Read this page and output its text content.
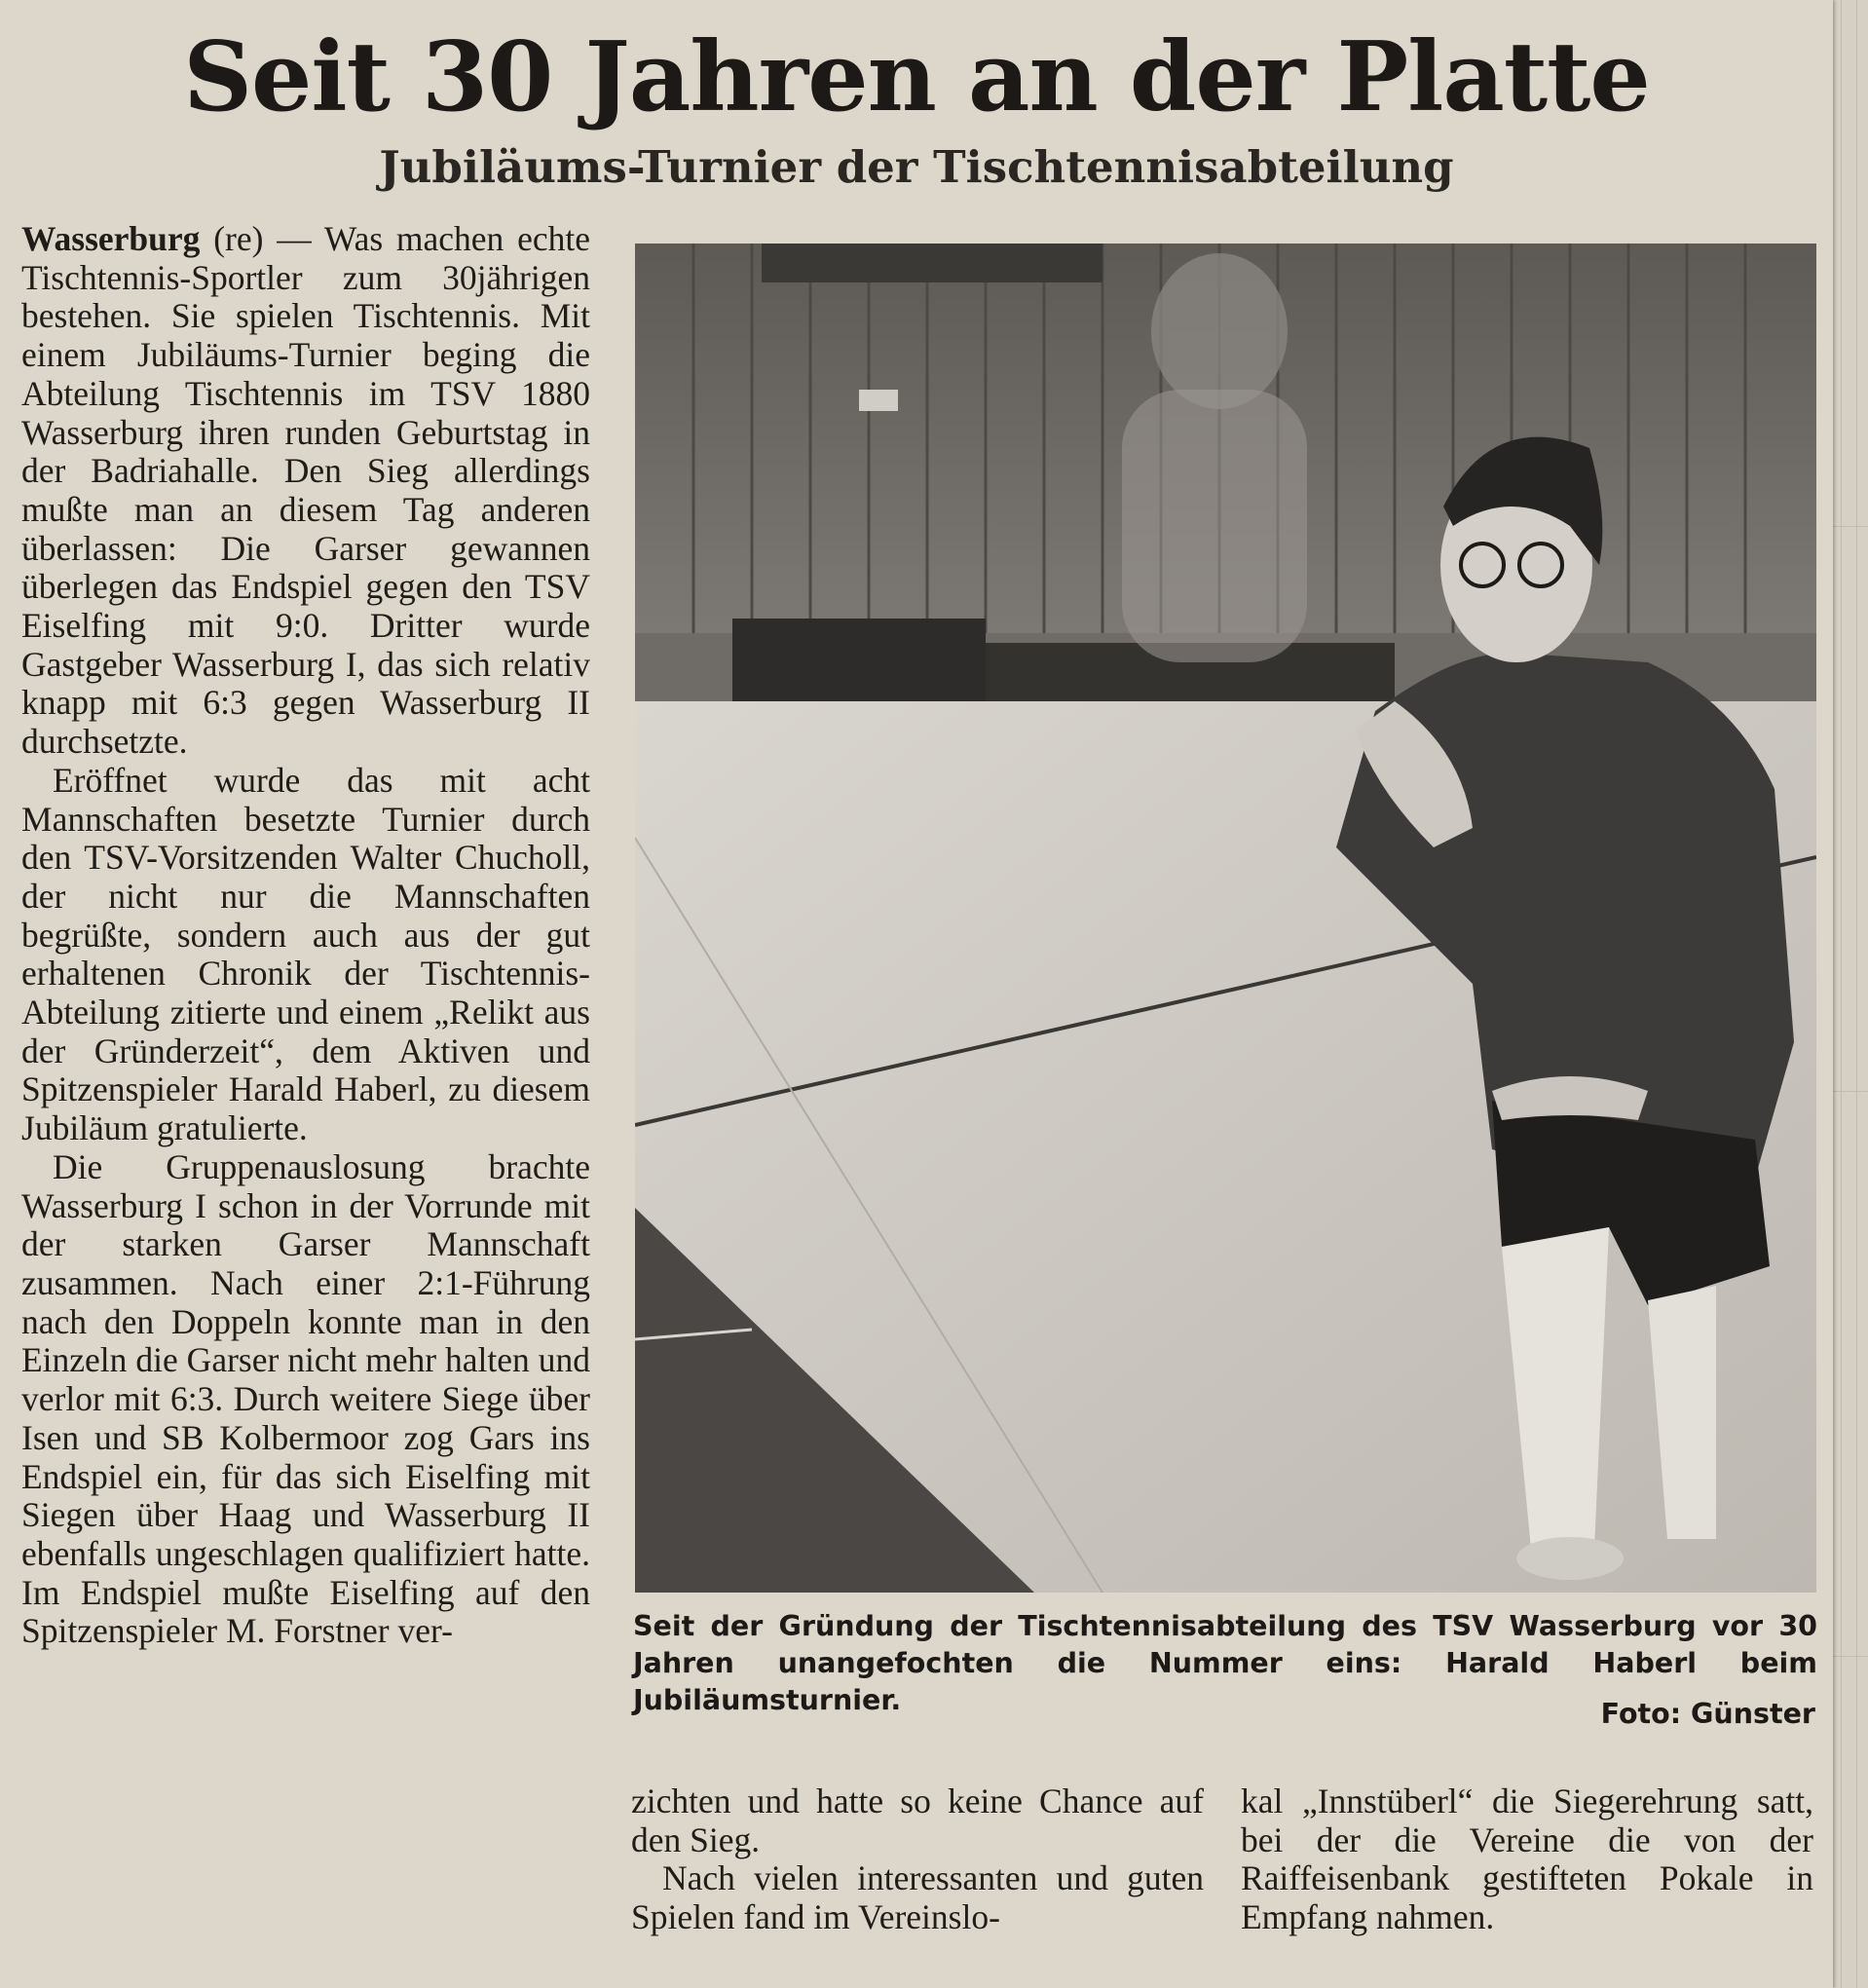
Seit 30 Jahren an der Platte
Jubiläums-Turnier der Tischtennisabteilung

Wasserburg (re) — Was machen echte Tischtennis-Sportler zum 30jährigen bestehen. Sie spielen Tischtennis. Mit einem Jubiläums-Turnier beging die Abteilung Tischtennis im TSV 1880 Wasserburg ihren runden Geburtstag in der Badriahalle. Den Sieg allerdings mußte man an diesem Tag anderen überlassen: Die Garser gewannen überlegen das Endspiel gegen den TSV Eiselfing mit 9:0. Dritter wurde Gastgeber Wasserburg I, das sich relativ knapp mit 6:3 gegen Wasserburg II durchsetzte.

Eröffnet wurde das mit acht Mannschaften besetzte Turnier durch den TSV-Vorsitzenden Walter Chucholl, der nicht nur die Mannschaften begrüßte, sondern auch aus der gut erhaltenen Chronik der Tischtennis-Abteilung zitierte und einem „Relikt aus der Gründerzeit“, dem Aktiven und Spitzenspieler Harald Haberl, zu diesem Jubiläum gratulierte.

Die Gruppenauslosung brachte Wasserburg I schon in der Vorrunde mit der starken Garser Mannschaft zusammen. Nach einer 2:1-Führung nach den Doppeln konnte man in den Einzeln die Garser nicht mehr halten und verlor mit 6:3. Durch weitere Siege über Isen und SB Kolbermoor zog Gars ins Endspiel ein, für das sich Eiselfing mit Siegen über Haag und Wasserburg II ebenfalls ungeschlagen qualifiziert hatte. Im Endspiel mußte Eiselfing auf den Spitzenspieler M. Forstner ver-	Seit der Gründung der Tischtennisabteilung des TSV Wasserburg vor 30 Jahren unangefochten die Nummer eins: Harald Haberl beim Jubiläumsturnier.	Foto: Günster

zichten und hatte so keine Chance auf den Sieg.

Nach vielen interessanten und guten Spielen fand im Vereinslo-

kal „Innstüberl“ die Siegerehrung satt, bei der die Vereine die von der Raiffeisenbank gestifteten Pokale in Empfang nahmen.
